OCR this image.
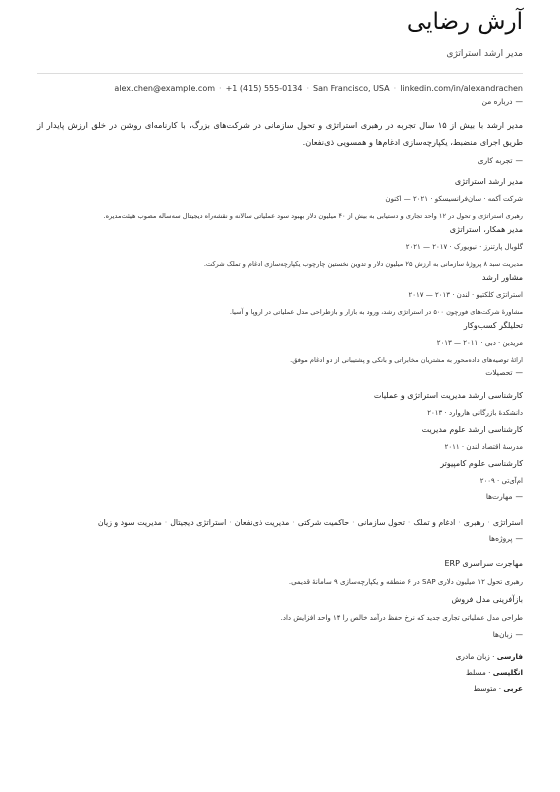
آرش رضایی
مدیر ارشد استراتژی
alex.chen@example.com · +1 (415) 555-0134 · San Francisco, USA · linkedin.com/in/alexandrachen
—درباره من
مدیر ارشد با بیش از ۱۵ سال تجربه در رهبری استراتژی و تحول سازمانی در شرکت‌های بزرگ، با کارنامه‌ای روشن در خلق ارزش پایدار از طریق اجرای منضبط، یکپارچه‌سازی ادغام‌ها و همسویی ذی‌نفعان.
—تجربه کاری
مدیر ارشد استراتژی
شرکت آکمه · سان‌فرانسیسکو · ۲۰۲۱ — اکنون
رهبری استراتژی و تحول در ۱۲ واحد تجاری و دستیابی به بیش از ۴۰ میلیون دلار بهبود سود عملیاتی سالانه و نقشه‌راه دیجیتال سه‌ساله مصوب هیئت‌مدیره.
مدیر همکار، استراتژی
گلوبال پارتنرز · نیویورک · ۲۰۱۷ — ۲۰۲۱
مدیریت سبد ۸ پروژهٔ سازمانی به ارزش ۲۵ میلیون دلار و تدوین نخستین چارچوب یکپارچه‌سازی ادغام و تملک شرکت.
مشاور ارشد
استراتژی کلکتیو · لندن · ۲۰۱۳ — ۲۰۱۷
مشاورهٔ شرکت‌های فورچون ۵۰۰ در استراتژی رشد، ورود به بازار و بازطراحی مدل عملیاتی در اروپا و آسیا.
تحلیلگر کسب‌وکار
مریدین · دبی · ۲۰۱۱ — ۲۰۱۳
ارائهٔ توصیه‌های داده‌محور به مشتریان مخابراتی و بانکی و پشتیبانی از دو ادغام موفق.
—تحصیلات
کارشناسی ارشد مدیریت استراتژی و عملیات
دانشکدهٔ بازرگانی هاروارد · ۲۰۱۳
کارشناسی ارشد علوم مدیریت
مدرسهٔ اقتصاد لندن · ۲۰۱۱
کارشناسی علوم کامپیوتر
ام‌آی‌تی · ۲۰۰۹
—مهارت‌ها
استراتژی·رهبری·ادغام و تملک·تحول سازمانی·حاکمیت شرکتی·مدیریت ذی‌نفعان·استراتژی دیجیتال·مدیریت سود و زیان
—پروژه‌ها
مهاجرت سراسری ERP
رهبری تحول ۱۲ میلیون دلاری SAP در ۶ منطقه و یکپارچه‌سازی ۹ سامانهٔ قدیمی.
بازآفرینی مدل فروش
طراحی مدل عملیاتی تجاری جدید که نرخ حفظ درآمد خالص را ۱۴ واحد افزایش داد.
—زبان‌ها
فارسی · زبان مادری
انگلیسی · مسلط
عربی · متوسط
